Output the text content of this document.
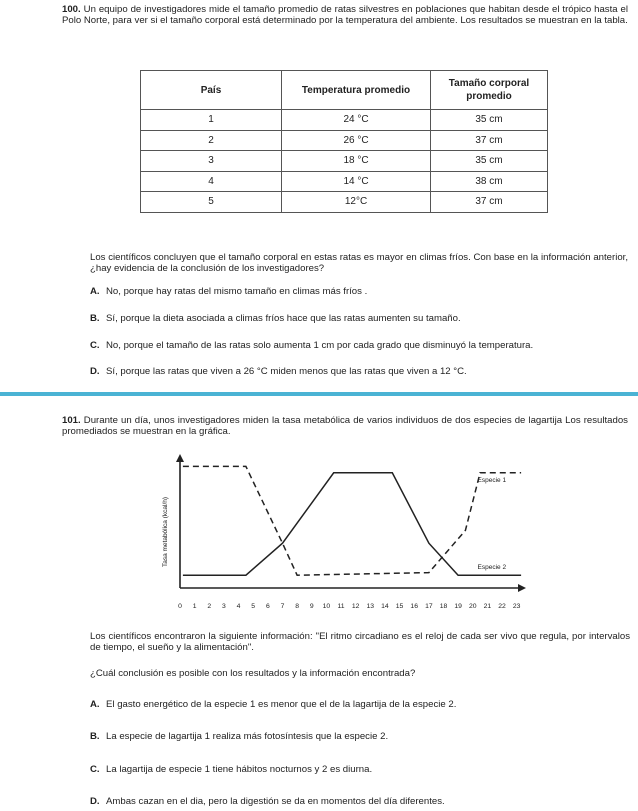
100. Un equipo de investigadores mide el tamaño promedio de ratas silvestres en poblaciones que habitan desde el trópico hasta el Polo Norte, para ver si el tamaño corporal está determinado por la temperatura del ambiente. Los resultados se muestran en la tabla.
País	Temperatura promedio	Tamaño corporal promedio

1	24 °C	35 cm
2	26 °C	37 cm
3	18 °C	35 cm
4	14 °C	38 cm
5	12°C	37 cm
Los científicos concluyen que el tamaño corporal en estas ratas es mayor en climas fríos. Con base en la información anterior, ¿hay evidencia de la conclusión de los investigadores?
A. No, porque hay ratas del mismo tamaño en climas más fríos .
B. Sí, porque la dieta asociada a climas fríos hace que las ratas aumenten su tamaño.
C. No, porque el tamaño de las ratas solo aumenta 1 cm por cada grado que disminuyó la temperatura.
D. Sí, porque las ratas que viven a 26 °C miden menos que las ratas que viven a 12 °C.
101. Durante un día, unos investigadores miden la tasa metabólica de varios individuos de dos especies de lagartija Los resultados promediados se muestran en la gráfica.
Tasa metabólica (kcal/h)
0 1 2 3 4 5 6 7 8 9 10 11 12 13 14 15 16 17 18 19 20 21 22 23
Especie 1
Especie 2
Los científicos encontraron la siguiente información: "El ritmo circadiano es el reloj de cada ser vivo que regula, por intervalos de tiempo, el sueño y la alimentación".
¿Cuál conclusión es posible con los resultados y la información encontrada?
A. El gasto energético de la especie 1 es menor que el de la lagartija de la especie 2.
B. La especie de lagartija 1 realiza más fotosíntesis que la especie 2.
C. La lagartija de especie 1 tiene hábitos nocturnos y 2 es diurna.
D. Ambas cazan en el dia, pero la digestión se da en momentos del día diferentes.
